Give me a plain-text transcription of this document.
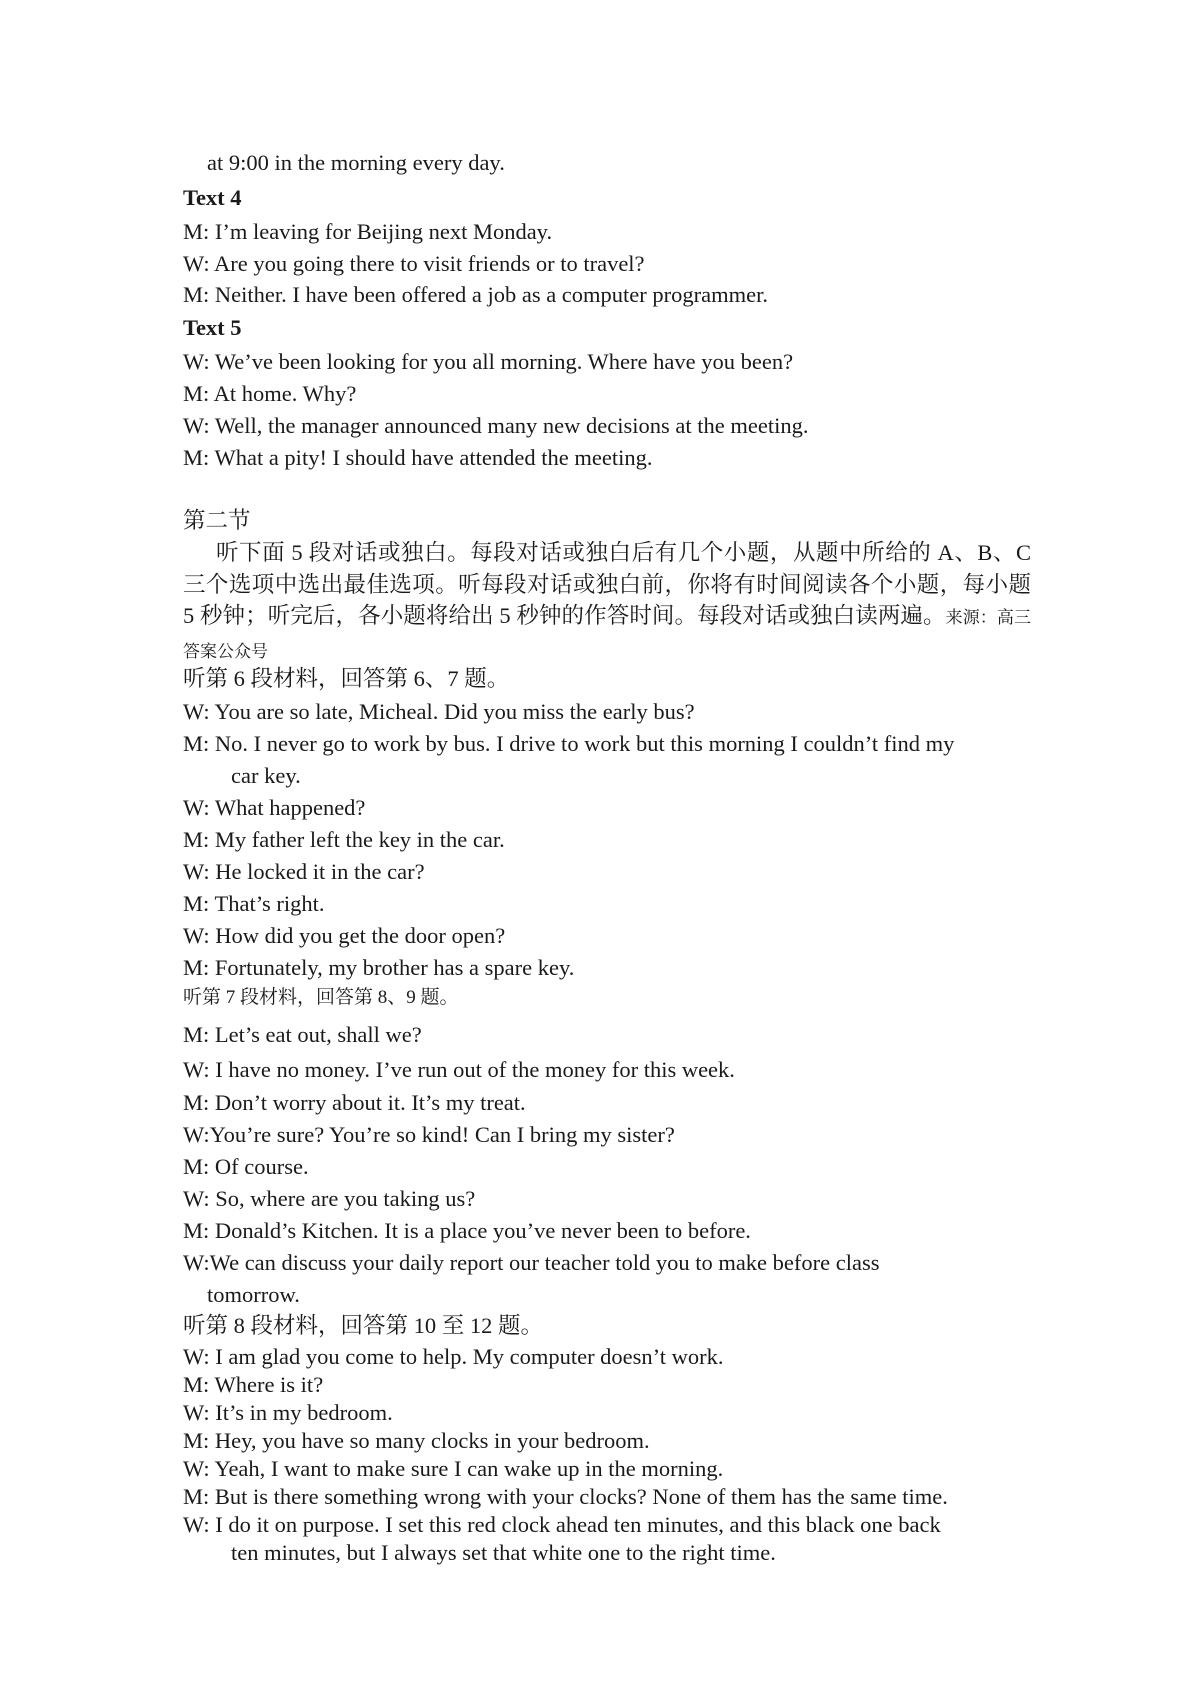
at 9:00 in the morning every day.
Text 4
M: I’m leaving for Beijing next Monday.
W: Are you going there to visit friends or to travel?
M: Neither. I have been offered a job as a computer programmer.
Text 5
W: We’ve been looking for you all morning. Where have you been?
M: At home. Why?
W: Well, the manager announced many new decisions at the meeting.
M: What a pity! I should have attended the meeting.
第二节
听下面 5 段对话或独白。每段对话或独白后有几个小题，从题中所给的 A、B、C 三个选项中选出最佳选项。听每段对话或独白前，你将有时间阅读各个小题，每小题 5 秒钟；听完后，各小题将给出 5 秒钟的作答时间。每段对话或独白读两遍。来源：高三答案公众号
听第 6 段材料，回答第 6、7 题。
W: You are so late, Micheal. Did you miss the early bus?
M: No. I never go to work by bus. I drive to work but this morning I couldn’t find my
car key.
W: What happened?
M: My father left the key in the car.
W: He locked it in the car?
M: That’s right.
W: How did you get the door open?
M: Fortunately, my brother has a spare key.
听第 7 段材料，回答第 8、9 题。
M: Let’s eat out, shall we?
W: I have no money. I’ve run out of the money for this week.
M: Don’t worry about it. It’s my treat.
W:You’re sure? You’re so kind! Can I bring my sister?
M: Of course.
W: So, where are you taking us?
M: Donald’s Kitchen. It is a place you’ve never been to before.
W:We can discuss your daily report our teacher told you to make before class
tomorrow.
听第 8 段材料，回答第 10 至 12 题。
W: I am glad you come to help. My computer doesn’t work.
M: Where is it?
W: It’s in my bedroom.
M: Hey, you have so many clocks in your bedroom.
W: Yeah, I want to make sure I can wake up in the morning.
M: But is there something wrong with your clocks? None of them has the same time.
W: I do it on purpose. I set this red clock ahead ten minutes, and this black one back
ten minutes, but I always set that white one to the right time.
